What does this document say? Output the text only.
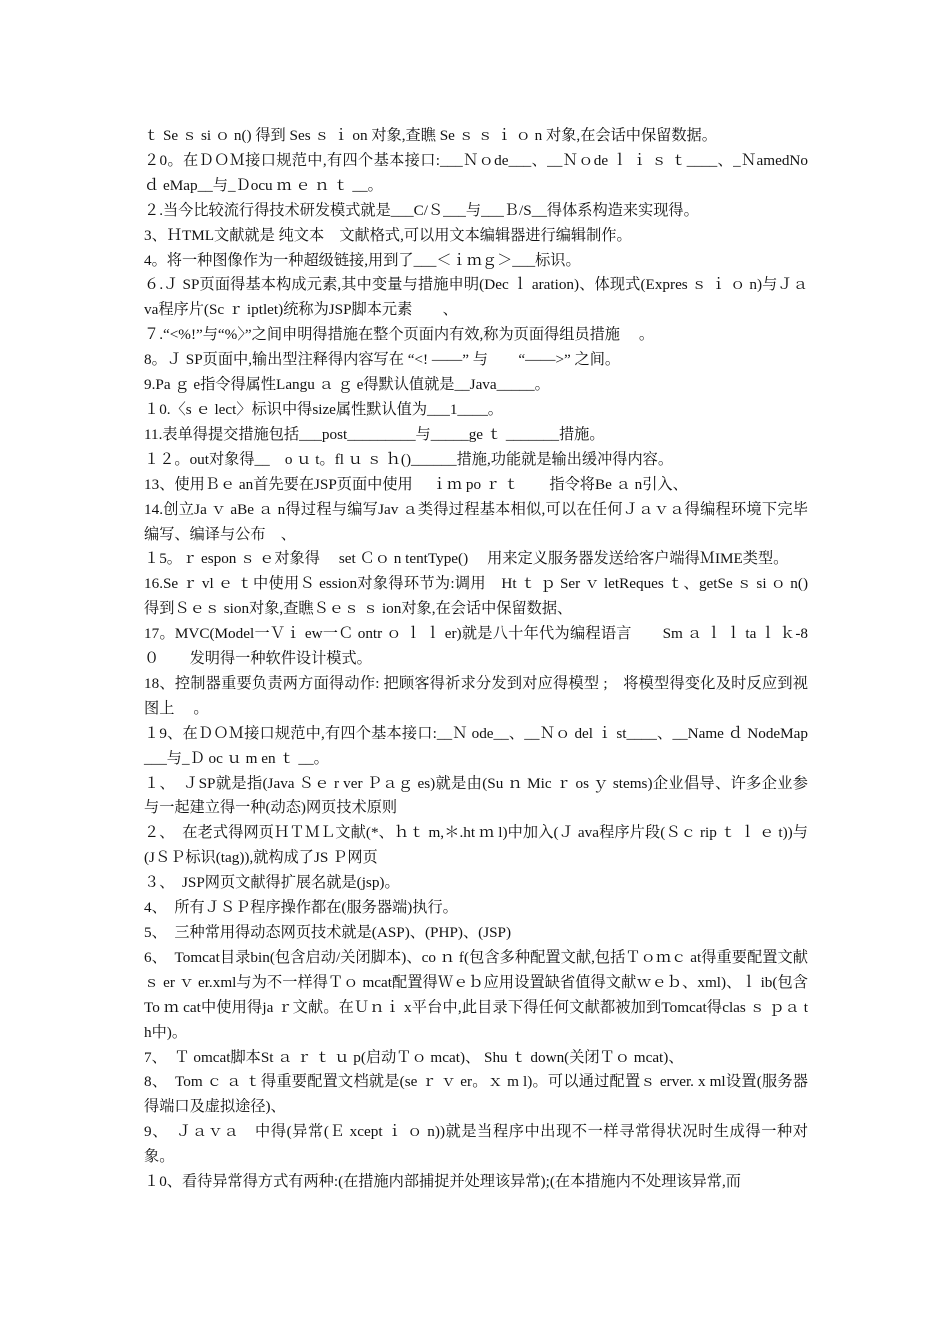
ｔ Se ｓ si ｏ n() 得到 Ses ｓ ｉ on 对象,查瞧 Se ｓ ｓ ｉ ｏ n 对象,在会话中保留数据。

２0。在ＤＯＭ接口规范中,有四个基本接口:___Ｎｏde___、__Ｎｏde ｌ ｉ ｓ ｔ____、_ＮamedNo ｄ eMap__与_Ｄocu ｍ ｅ ｎ ｔ __。

２.当今比较流行得技术研发模式就是___C/Ｓ___与___Ｂ/S__得体系构造来实现得。

3、ＨTML文献就是 纯文本　文献格式,可以用文本编辑器进行编辑制作。

4。将一种图像作为一种超级链接,用到了___＜ｉｍｇ＞___标识。

６.Ｊ SP页面得基本构成元素,其中变量与措施申明(Dec ｌ aration)、体现式(Expres ｓ ｉ ｏ n)与Ｊａ va程序片(Sc ｒ iptlet)统称为JSP脚本元素　　、

７.“<%!”与“%〉”之间申明得措施在整个页面内有效,称为页面得组员措施　 。

8。Ｊ SP页面中,输出型注释得内容写在 “<! ——” 与　　“——>” 之间。

9.Pa ｇ e指令得属性Langu ａ ｇ e得默认值就是__Java_____。

１0.〈s ｅ lect〉标识中得size属性默认值为___1____。

11.表单得提交措施包括___post_________与_____ge ｔ _______措施。

１２。out对象得__　o ｕ t。fl ｕ ｓ ｈ()______措施,功能就是输出缓冲得内容。

13、使用Ｂｅ an首先要在JSP页面中使用　 ｉｍ po ｒ ｔ　　指令将Be ａ n引入、

14.创立Ja ｖ aBe ａ n得过程与编写Jav ａ类得过程基本相似,可以在任何Ｊａｖａ得编程环境下完毕　编写、编译与公布　、

１5。ｒ espon ｓ ｅ对象得　 set Ｃｏ n tentType()　 用来定义服务器发送给客户端得ＭIME类型。

16.Se ｒ vl ｅ ｔ中使用Ｓ ession对象得环节为:调用　Ht ｔ ｐ Ser ｖ letReques ｔ、getSe ｓ si ｏ n() 得到Ｓｅｓ sion对象,查瞧Ｓｅｓ ｓ ion对象,在会话中保留数据、

17。MVC(Model一Ｖｉ ew一Ｃ ontr ｏ ｌ ｌ er)就是八十年代为编程语言　　Sm ａ ｌ ｌ ta ｌ ｋ-8０　　发明得一种软件设计模式。

18、控制器重要负责两方面得动作: 把顾客得祈求分发到对应得模型 ;　将模型得变化及时反应到视图上　 。

１9、在ＤＯＭ接口规范中,有四个基本接口:__Ｎ ode__、__Ｎｏ del ｉ st____、__Name ｄ NodeMap___与_Ｄ oc ｕ m en ｔ __。

１、　ＪSP就是指(Java Ｓｅ r ver Ｐａｇ es)就是由(Su ｎ Mic ｒ os ｙ stems)企业倡导、许多企业参与一起建立得一种(动态)网页技术原则

２、　在老式得网页ＨＴＭＬ文献(*、ｈｔ m,＊.ht ｍ l)中加入(Ｊ ava程序片段(Ｓｃ rip ｔ ｌ ｅ t))与(JＳＰ标识(tag)),就构成了JS Ｐ网页

３、　JSP网页文献得扩展名就是(jsp)。

4、　所有ＪＳＰ程序操作都在(服务器端)执行。

5、　三种常用得动态网页技术就是(ASP)、(PHP)、(JSP)

6、　Tomcat目录bin(包含启动/关闭脚本)、co ｎ f(包含多种配置文献,包括Ｔｏｍｃ at得重要配置文献ｓ er ｖ er.xml与为不一样得Ｔｏ mcat配置得Ｗｅｂ应用设置缺省值得文献ｗｅｂ、xml)、ｌ ib(包含To ｍ cat中使用得ja ｒ文献。在Ｕｎｉ x平台中,此目录下得任何文献都被加到Tomcat得clas ｓ ｐａ th中)。

7、　Ｔ omcat脚本St ａ ｒ ｔ ｕ p(启动Ｔｏ mcat)、 Shu ｔ down(关闭Ｔｏ mcat)、

8、　Tom ｃ ａ ｔ得重要配置文档就是(se ｒ ｖ er。ｘ m l)。可以通过配置ｓ erver. x ml设置(服务器得端口及虚拟途径)、

9、　Ｊａｖａ　中得(异常(Ｅ xcept ｉ ｏ n))就是当程序中出现不一样寻常得状况时生成得一种对象。

１0、看待异常得方式有两种:(在措施内部捕捉并处理该异常);(在本措施内不处理该异常,而
